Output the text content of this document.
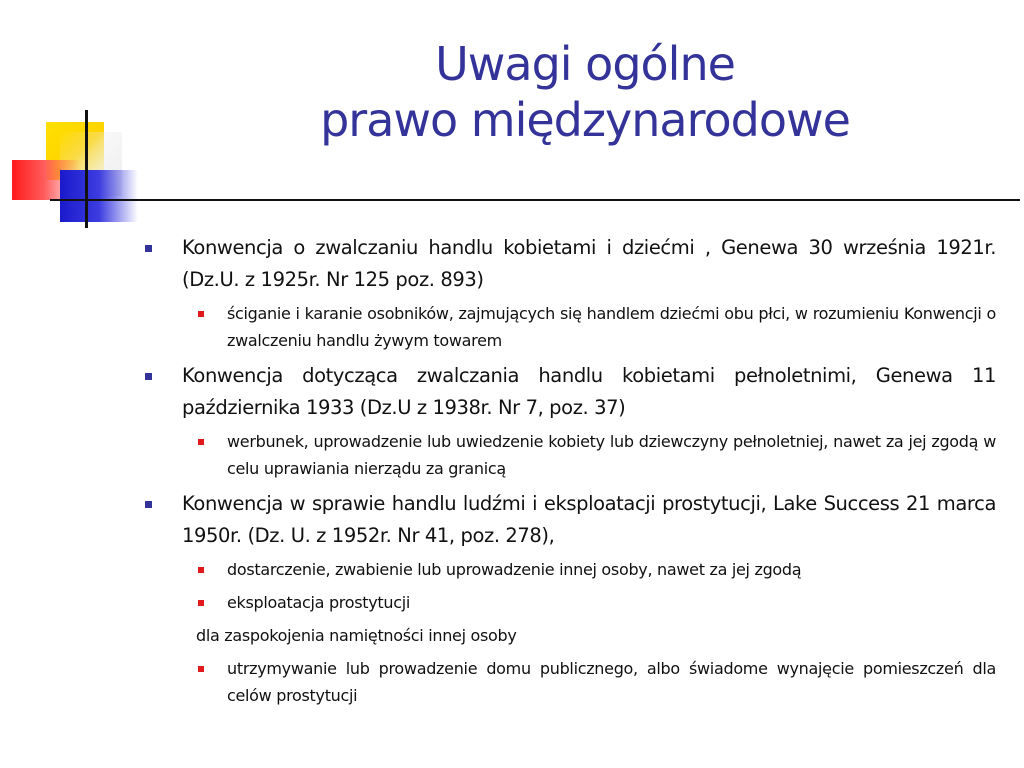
Uwagi ogólne
prawo międzynarodowe
Konwencja o zwalczaniu handlu kobietami i dziećmi , Genewa 30 września 1921r. (Dz.U. z 1925r. Nr 125 poz. 893)
ściganie i karanie osobników, zajmujących się handlem dziećmi obu płci, w rozumieniu Konwencji o zwalczeniu handlu żywym towarem
Konwencja dotycząca zwalczania handlu kobietami pełnoletnimi, Genewa 11 października 1933 (Dz.U z 1938r. Nr 7, poz. 37)
werbunek, uprowadzenie lub uwiedzenie kobiety lub dziewczyny pełnoletniej, nawet za jej zgodą w celu uprawiania nierządu za granicą
Konwencja w sprawie handlu ludźmi i eksploatacji prostytucji, Lake Success 21 marca 1950r. (Dz. U. z 1952r. Nr 41, poz. 278),
dostarczenie, zwabienie lub uprowadzenie innej osoby, nawet za jej zgodą
eksploatacja prostytucji
dla zaspokojenia namiętności innej osoby
utrzymywanie lub prowadzenie domu publicznego, albo świadome wynajęcie pomieszczeń dla celów prostytucji
